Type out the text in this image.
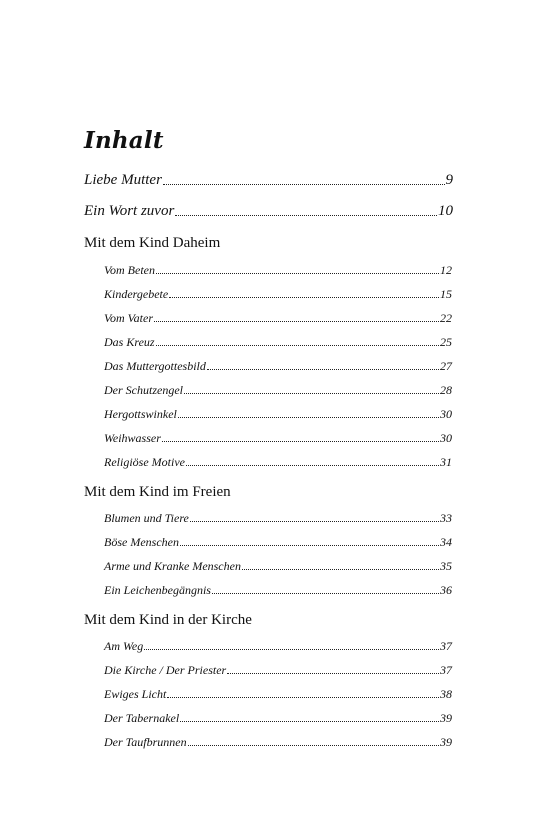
Inhalt
Liebe Mutter	9
Ein Wort zuvor	10
Mit dem Kind Daheim
Vom Beten	12
Kindergebete	15
Vom Vater	22
Das Kreuz	25
Das Muttergottesbild	27
Der Schutzengel	28
Hergottswinkel	30
Weihwasser	30
Religiöse Motive	31
Mit dem Kind im Freien
Blumen und Tiere	33
Böse Menschen	34
Arme und Kranke Menschen	35
Ein Leichenbegängnis	36
Mit dem Kind in der Kirche
Am Weg	37
Die Kirche / Der Priester	37
Ewiges Licht	38
Der Tabernakel	39
Der Taufbrunnen	39
